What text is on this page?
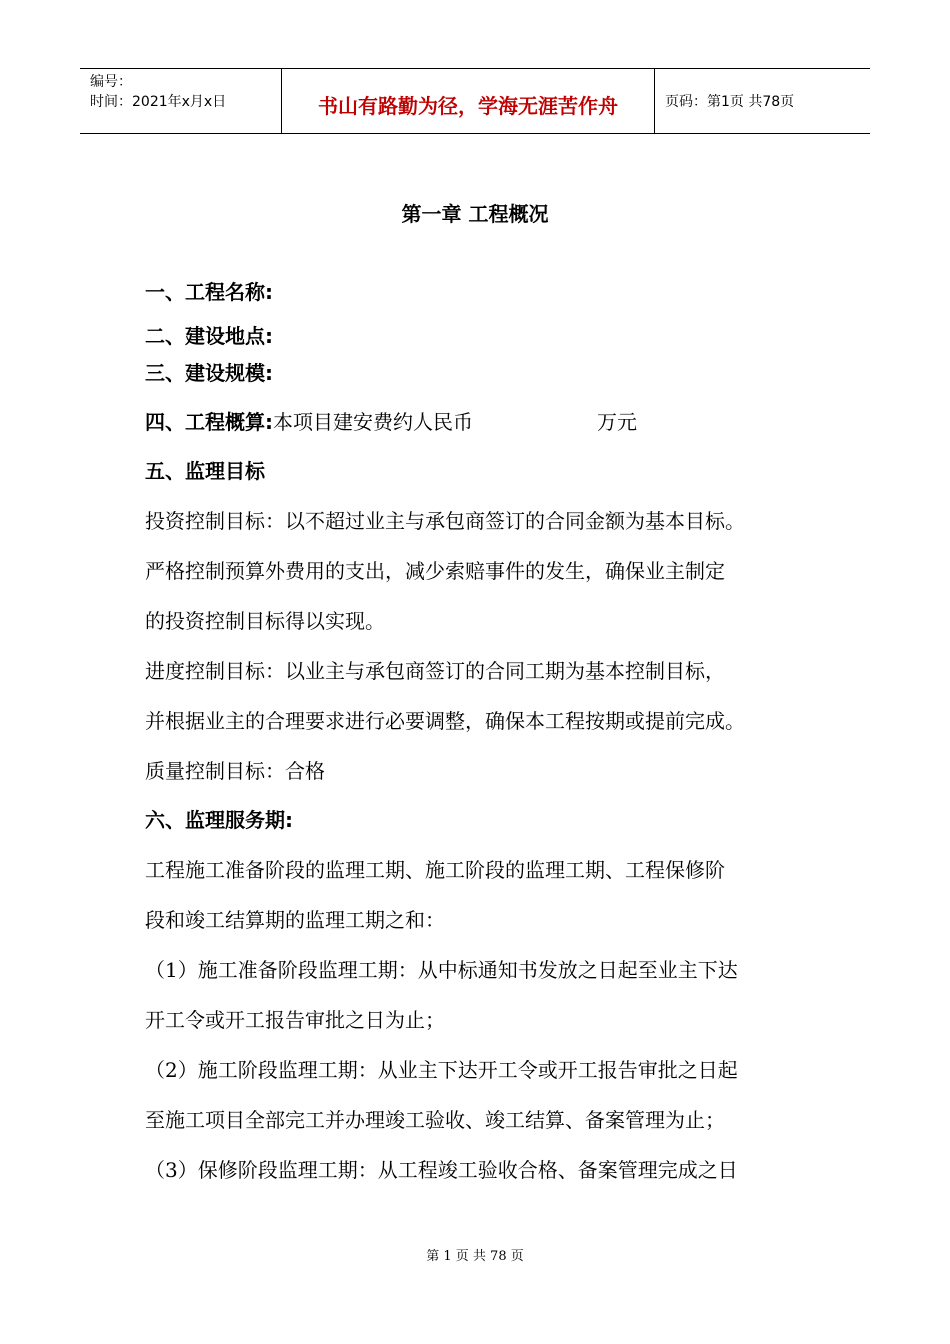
编号：
时间：2021年x月x日	书山有路勤为径，学海无涯苦作舟	页码：第1页 共78页
第一章 工程概况
一、工程名称:
二、建设地点:
三、建设规模:
四、工程概算:本项目建安费约人民币	万元
五、监理目标
投资控制目标：以不超过业主与承包商签订的合同金额为基本目标。
严格控制预算外费用的支出，减少索赔事件的发生，确保业主制定
的投资控制目标得以实现。
进度控制目标：以业主与承包商签订的合同工期为基本控制目标，
并根据业主的合理要求进行必要调整，确保本工程按期或提前完成。
质量控制目标：合格
六、监理服务期:
工程施工准备阶段的监理工期、施工阶段的监理工期、工程保修阶
段和竣工结算期的监理工期之和：
（1）施工准备阶段监理工期：从中标通知书发放之日起至业主下达
开工令或开工报告审批之日为止；
（2）施工阶段监理工期：从业主下达开工令或开工报告审批之日起
至施工项目全部完工并办理竣工验收、竣工结算、备案管理为止；
（3）保修阶段监理工期：从工程竣工验收合格、备案管理完成之日
第 1 页 共 78 页
